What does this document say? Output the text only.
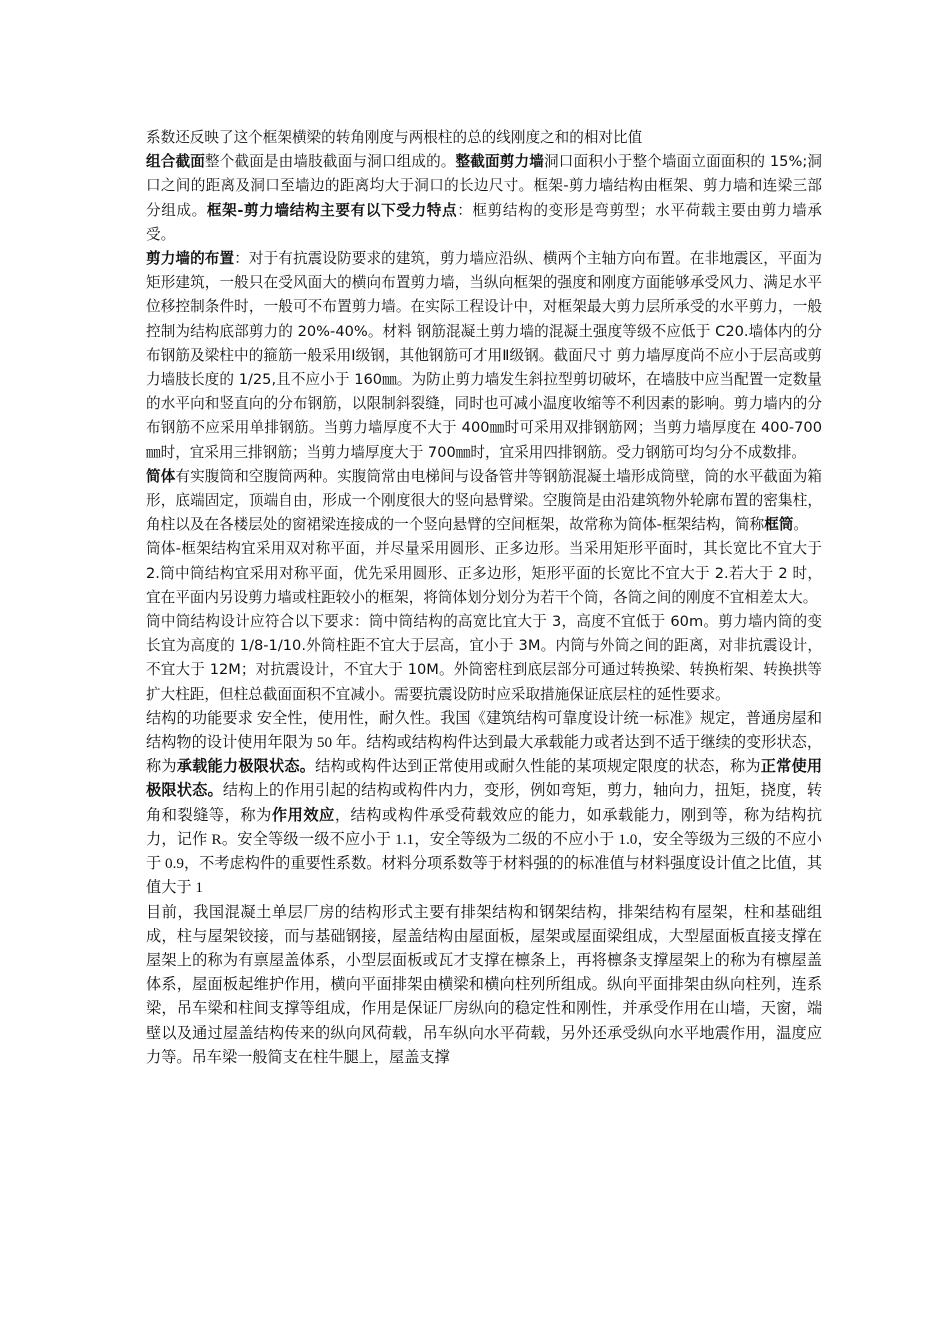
系数还反映了这个框架横梁的转角刚度与两根柱的总的线刚度之和的相对比值

组合截面整个截面是由墙肢截面与洞口组成的。整截面剪力墙洞口面积小于整个墙面立面面积的 15%;洞口之间的距离及洞口至墙边的距离均大于洞口的长边尺寸。框架-剪力墙结构由框架、剪力墙和连梁三部分组成。框架-剪力墙结构主要有以下受力特点：框剪结构的变形是弯剪型；水平荷载主要由剪力墙承受。

剪力墙的布置：对于有抗震设防要求的建筑，剪力墙应沿纵、横两个主轴方向布置。在非地震区，平面为矩形建筑，一般只在受风面大的横向布置剪力墙，当纵向框架的强度和刚度方面能够承受风力、满足水平位移控制条件时，一般可不布置剪力墙。在实际工程设计中，对框架最大剪力层所承受的水平剪力，一般控制为结构底部剪力的 20%-40%。材料 钢筋混凝土剪力墙的混凝土强度等级不应低于 C20.墙体内的分布钢筋及梁柱中的箍筋一般采用Ⅰ级钢，其他钢筋可才用Ⅱ级钢。截面尺寸 剪力墙厚度尚不应小于层高或剪力墙肢长度的 1/25,且不应小于 160㎜。为防止剪力墙发生斜拉型剪切破坏，在墙肢中应当配置一定数量的水平向和竖直向的分布钢筋，以限制斜裂缝，同时也可减小温度收缩等不利因素的影响。剪力墙内的分布钢筋不应采用单排钢筋。当剪力墙厚度不大于 400㎜时可采用双排钢筋网；当剪力墙厚度在 400-700㎜时，宜采用三排钢筋；当剪力墙厚度大于 700㎜时，宜采用四排钢筋。受力钢筋可均匀分不成数排。

简体有实腹筒和空腹筒两种。实腹筒常由电梯间与设备管井等钢筋混凝土墙形成筒壁，筒的水平截面为箱形，底端固定，顶端自由，形成一个刚度很大的竖向悬臂梁。空腹筒是由沿建筑物外轮廓布置的密集柱，角柱以及在各楼层处的窗裙梁连接成的一个竖向悬臂的空间框架，故常称为筒体-框架结构，简称框筒。

筒体-框架结构宜采用双对称平面，并尽量采用圆形、正多边形。当采用矩形平面时，其长宽比不宜大于 2.筒中筒结构宜采用对称平面，优先采用圆形、正多边形，矩形平面的长宽比不宜大于 2.若大于 2 时，宜在平面内另设剪力墙或柱距较小的框架，将筒体划分划分为若干个筒，各筒之间的刚度不宜相差太大。

筒中筒结构设计应符合以下要求：筒中筒结构的高宽比宜大于 3，高度不宜低于 60m。剪力墙内筒的变长宜为高度的 1/8-1/10.外筒柱距不宜大于层高，宜小于 3M。内筒与外筒之间的距离，对非抗震设计，不宜大于 12M；对抗震设计，不宜大于 10M。外筒密柱到底层部分可通过转换梁、转换桁架、转换拱等扩大柱距，但柱总截面面积不宜减小。需要抗震设防时应采取措施保证底层柱的延性要求。

结构的功能要求 安全性，使用性，耐久性。我国《建筑结构可靠度设计统一标准》规定，普通房屋和结构物的设计使用年限为 50 年。结构或结构构件达到最大承载能力或者达到不适于继续的变形状态，称为承载能力极限状态。结构或构件达到正常使用或耐久性能的某项规定限度的状态，称为正常使用极限状态。结构上的作用引起的结构或构件内力，变形，例如弯矩，剪力，轴向力，扭矩，挠度，转角和裂缝等，称为作用效应，结构或构件承受荷载效应的能力，如承载能力，刚到等，称为结构抗力，记作 R。安全等级一级不应小于 1.1，安全等级为二级的不应小于 1.0，安全等级为三级的不应小于 0.9，不考虑构件的重要性系数。材料分项系数等于材料强的的标准值与材料强度设计值之比值，其值大于 1

目前，我国混凝土单层厂房的结构形式主要有排架结构和钢架结构，排架结构有屋架，柱和基础组成，柱与屋架铰接，而与基础钢接，屋盖结构由屋面板，屋架或屋面梁组成，大型屋面板直接支撑在屋架上的称为有禀屋盖体系，小型层面板或瓦才支撑在檩条上，再将檩条支撑屋架上的称为有檩屋盖体系，屋面板起维护作用，横向平面排架由横梁和横向柱列所组成。纵向平面排架由纵向柱列，连系梁，吊车梁和柱间支撑等组成，作用是保证厂房纵向的稳定性和刚性，并承受作用在山墙，天窗，端壁以及通过屋盖结构传来的纵向风荷载，吊车纵向水平荷载，另外还承受纵向水平地震作用，温度应力等。吊车梁一般简支在柱牛腿上，屋盖支撑
